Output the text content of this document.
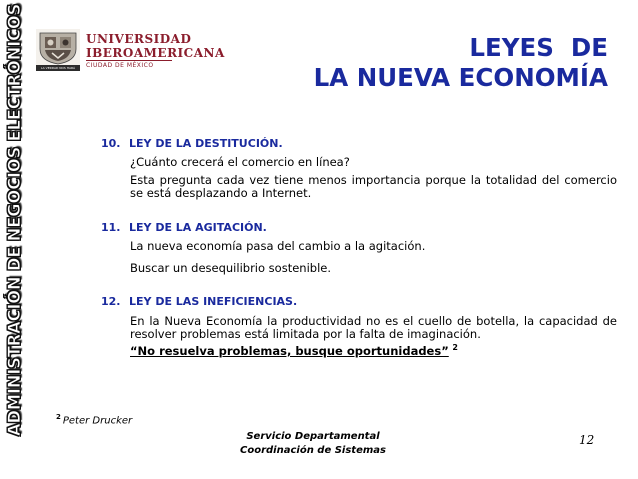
ADMINISTRACIÓN DE NEGOCIOS ELECTRÓNICOS	LA VERDAD NOS HARÁ LIBRES
UNIVERSIDAD
IBEROAMERICANA
CIUDAD DE MÉXICO
LEYES  DE
LA NUEVA ECONOMÍA
10. LEY DE LA DESTITUCIÓN.
¿Cuánto crecerá el comercio en línea?
Esta pregunta cada vez tiene menos importancia porque la totalidad del comercio se está desplazando a Internet.
11. LEY DE LA AGITACIÓN.
La nueva economía pasa del cambio a la agitación.
Buscar un desequilibrio sostenible.
12. LEY DE LAS INEFICIENCIAS.
En la Nueva Economía la productividad no es el cuello de botella, la capacidad de resolver problemas está limitada por la falta de imaginación.
“No resuelva problemas, busque oportunidades” $^2$
$^2$ Peter Drucker
Servicio Departamental
Coordinación de Sistemas
12
